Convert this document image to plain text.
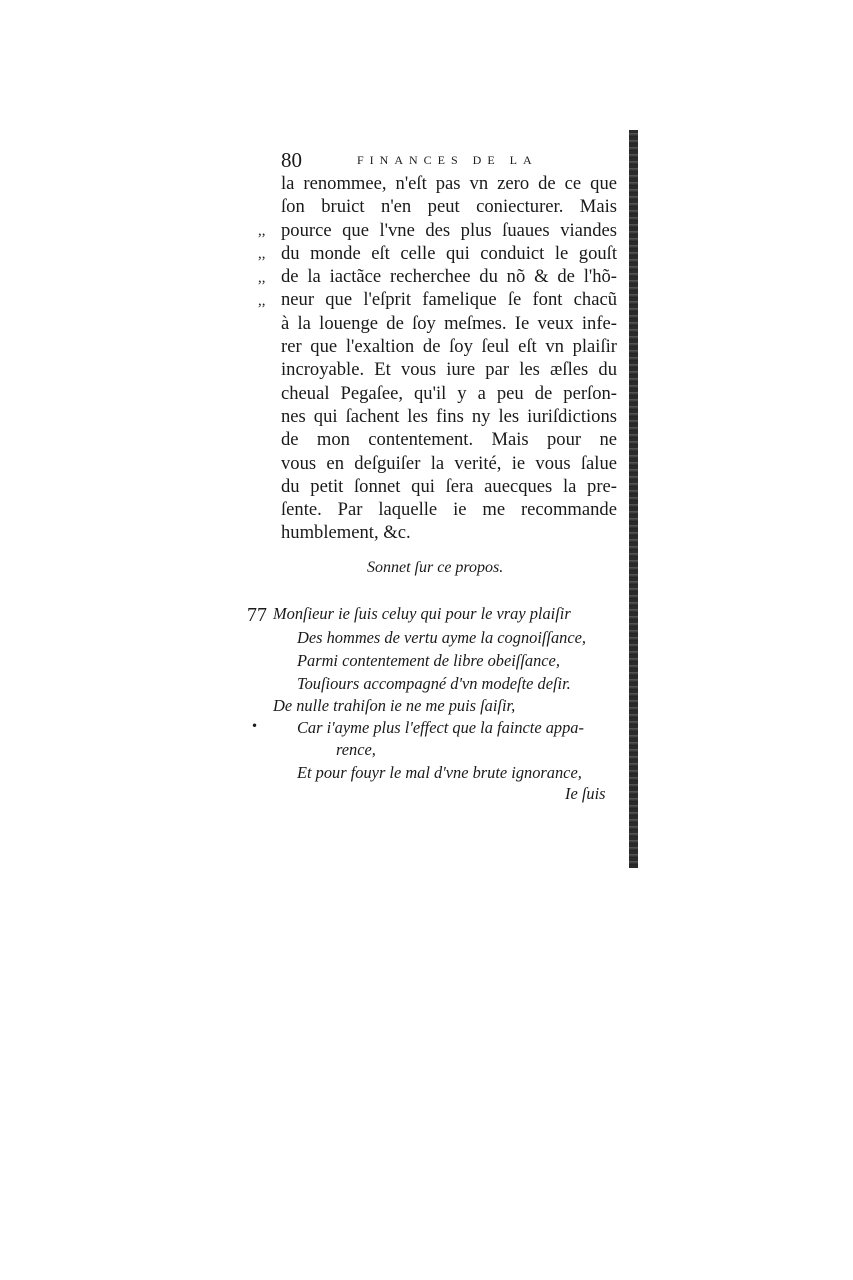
80	FINANCES DE LA
,,
,,
,,
,,
la renommee, n'eſt pas vn zero de ce que
ſon bruict n'en peut coniecturer. Mais
pource que l'vne des plus ſuaues viandes
du monde eſt celle qui conduict le gouſt
de la iactãce recherchee du nõ & de l'hõ-
neur que l'eſprit famelique ſe font chacũ
à la louenge de ſoy meſmes. Ie veux infe-
rer que l'exaltion de ſoy ſeul eſt vn plaiſir
incroyable. Et vous iure par les æſles du
cheual Pegaſee, qu'il y a peu de perſon-
nes qui ſachent les fins ny les iuriſdictions
de mon contentement. Mais pour ne
vous en deſguiſer la verité, ie vous ſalue
du petit ſonnet qui ſera auecques la pre-
ſente. Par laquelle ie me recommande
humblement, &c.
Sonnet ſur ce propos.
77
•
Monſieur ie ſuis celuy qui pour le vray plaiſir
Des hommes de vertu ayme la cognoiſſance,
Parmi contentement de libre obeiſſance,
Touſiours accompagné d'vn modeſte deſir.
De nulle trahiſon ie ne me puis ſaiſir,
Car i'ayme plus l'effect que la faincte appa-
rence,
Et pour fouyr le mal d'vne brute ignorance,
Ie ſuis
